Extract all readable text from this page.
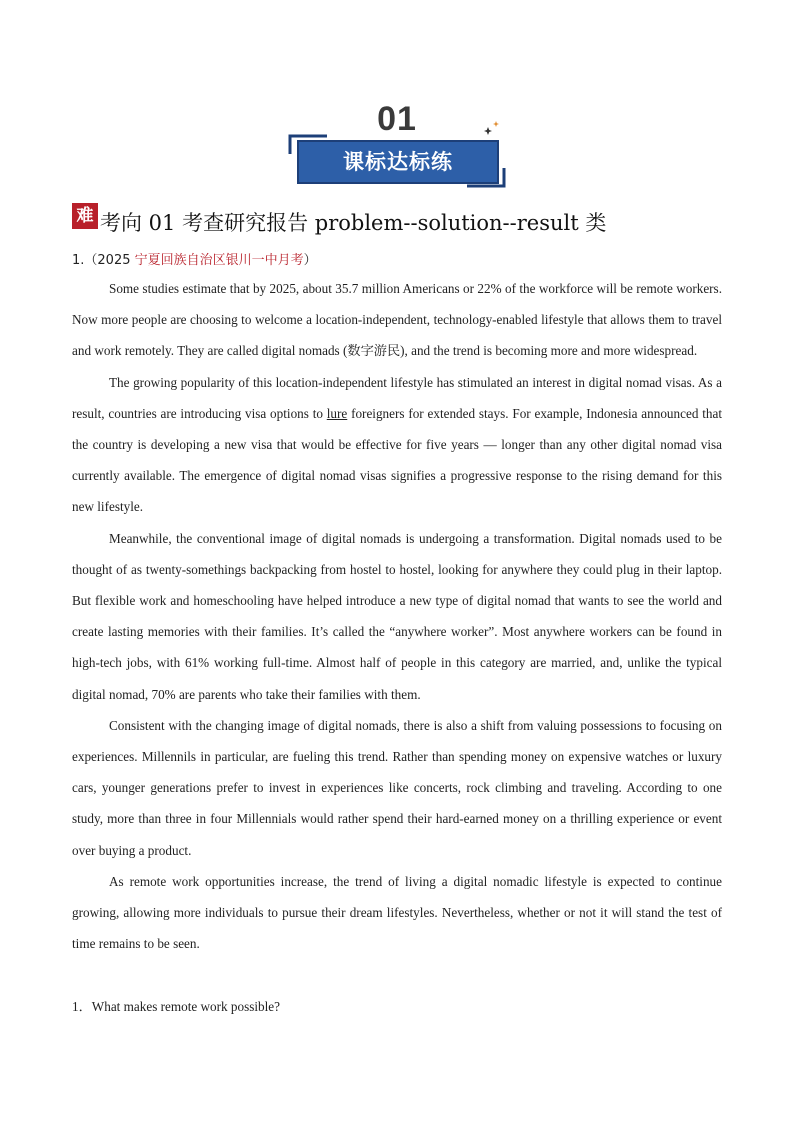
01
课标达标练
难 考向 01 考查研究报告 problem--solution--result 类
1.（2025 宁夏回族自治区银川一中月考）

Some studies estimate that by 2025, about 35.7 million Americans or 22% of the workforce will be remote workers. Now more people are choosing to welcome a location-independent, technology-enabled lifestyle that allows them to travel and work remotely. They are called digital nomads (数字游民), and the trend is becoming more and more widespread.

The growing popularity of this location-independent lifestyle has stimulated an interest in digital nomad visas. As a result, countries are introducing visa options to lure foreigners for extended stays. For example, Indonesia announced that the country is developing a new visa that would be effective for five years — longer than any other digital nomad visa currently available. The emergence of digital nomad visas signifies a progressive response to the rising demand for this new lifestyle.

Meanwhile, the conventional image of digital nomads is undergoing a transformation. Digital nomads used to be thought of as twenty-somethings backpacking from hostel to hostel, looking for anywhere they could plug in their laptop. But flexible work and homeschooling have helped introduce a new type of digital nomad that wants to see the world and create lasting memories with their families. It’s called the “anywhere worker”. Most anywhere workers can be found in high-tech jobs, with 61% working full-time. Almost half of people in this category are married, and, unlike the typical digital nomad, 70% are parents who take their families with them.

Consistent with the changing image of digital nomads, there is also a shift from valuing possessions to focusing on experiences. Millennils in particular, are fueling this trend. Rather than spending money on expensive watches or luxury cars, younger generations prefer to invest in experiences like concerts, rock climbing and traveling. According to one study, more than three in four Millennials would rather spend their hard-earned money on a thrilling experience or event over buying a product.

As remote work opportunities increase, the trend of living a digital nomadic lifestyle is expected to continue growing, allowing more individuals to pursue their dream lifestyles. Nevertheless, whether or not it will stand the test of time remains to be seen.

1．What makes remote work possible?
